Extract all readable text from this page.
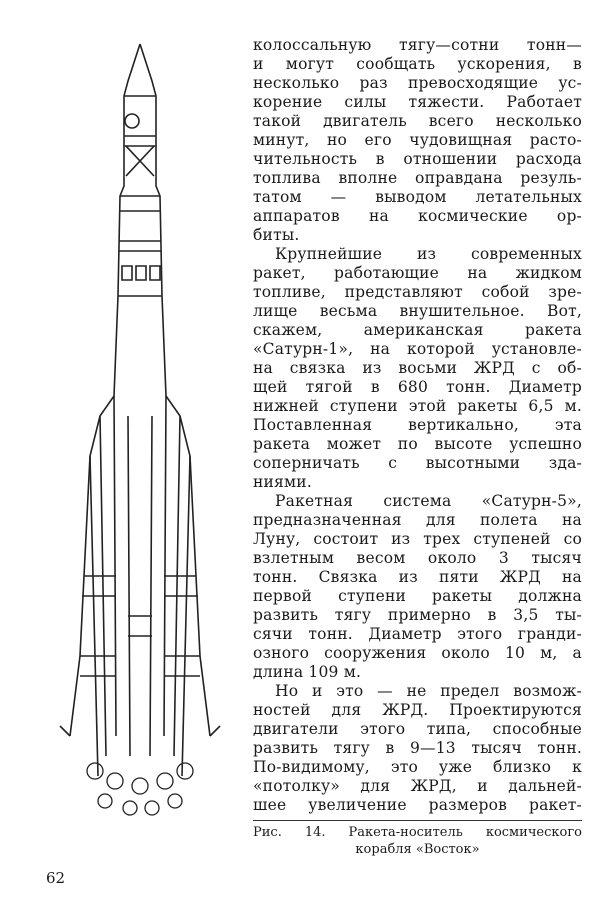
колоссальную тягу—сотни тонн—
и могут сообщать ускорения, в
несколько раз превосходящие ус-
корение силы тяжести. Работает
такой двигатель всего несколько
минут, но его чудовищная расто-
чительность в отношении расхода
топлива вполне оправдана резуль-
татом — выводом летательных
аппаратов на космические ор-
биты.
Крупнейшие из современных
ракет, работающие на жидком
топливе, представляют собой зре-
лище весьма внушительное. Вот,
скажем, американская ракета
«Сатурн-1», на которой установле-
на связка из восьми ЖРД с об-
щей тягой в 680 тонн. Диаметр
нижней ступени этой ракеты 6,5 м.
Поставленная вертикально, эта
ракета может по высоте успешно
соперничать с высотными зда-
ниями.
Ракетная система «Сатурн-5»,
предназначенная для полета на
Луну, состоит из трех ступеней со
взлетным весом около 3 тысяч
тонн. Связка из пяти ЖРД на
первой ступени ракеты должна
развить тягу примерно в 3,5 ты-
сячи тонн. Диаметр этого гранди-
озного сооружения около 10 м, а
длина 109 м.
Но и это — не предел возмож-
ностей для ЖРД. Проектируются
двигатели этого типа, способные
развить тягу в 9—13 тысяч тонн.
По-видимому, это уже близко к
«потолку» для ЖРД, и дальней-
шее увеличение размеров ракет-
Рис. 14. Ракета-носитель космического
корабля «Восток»
62
